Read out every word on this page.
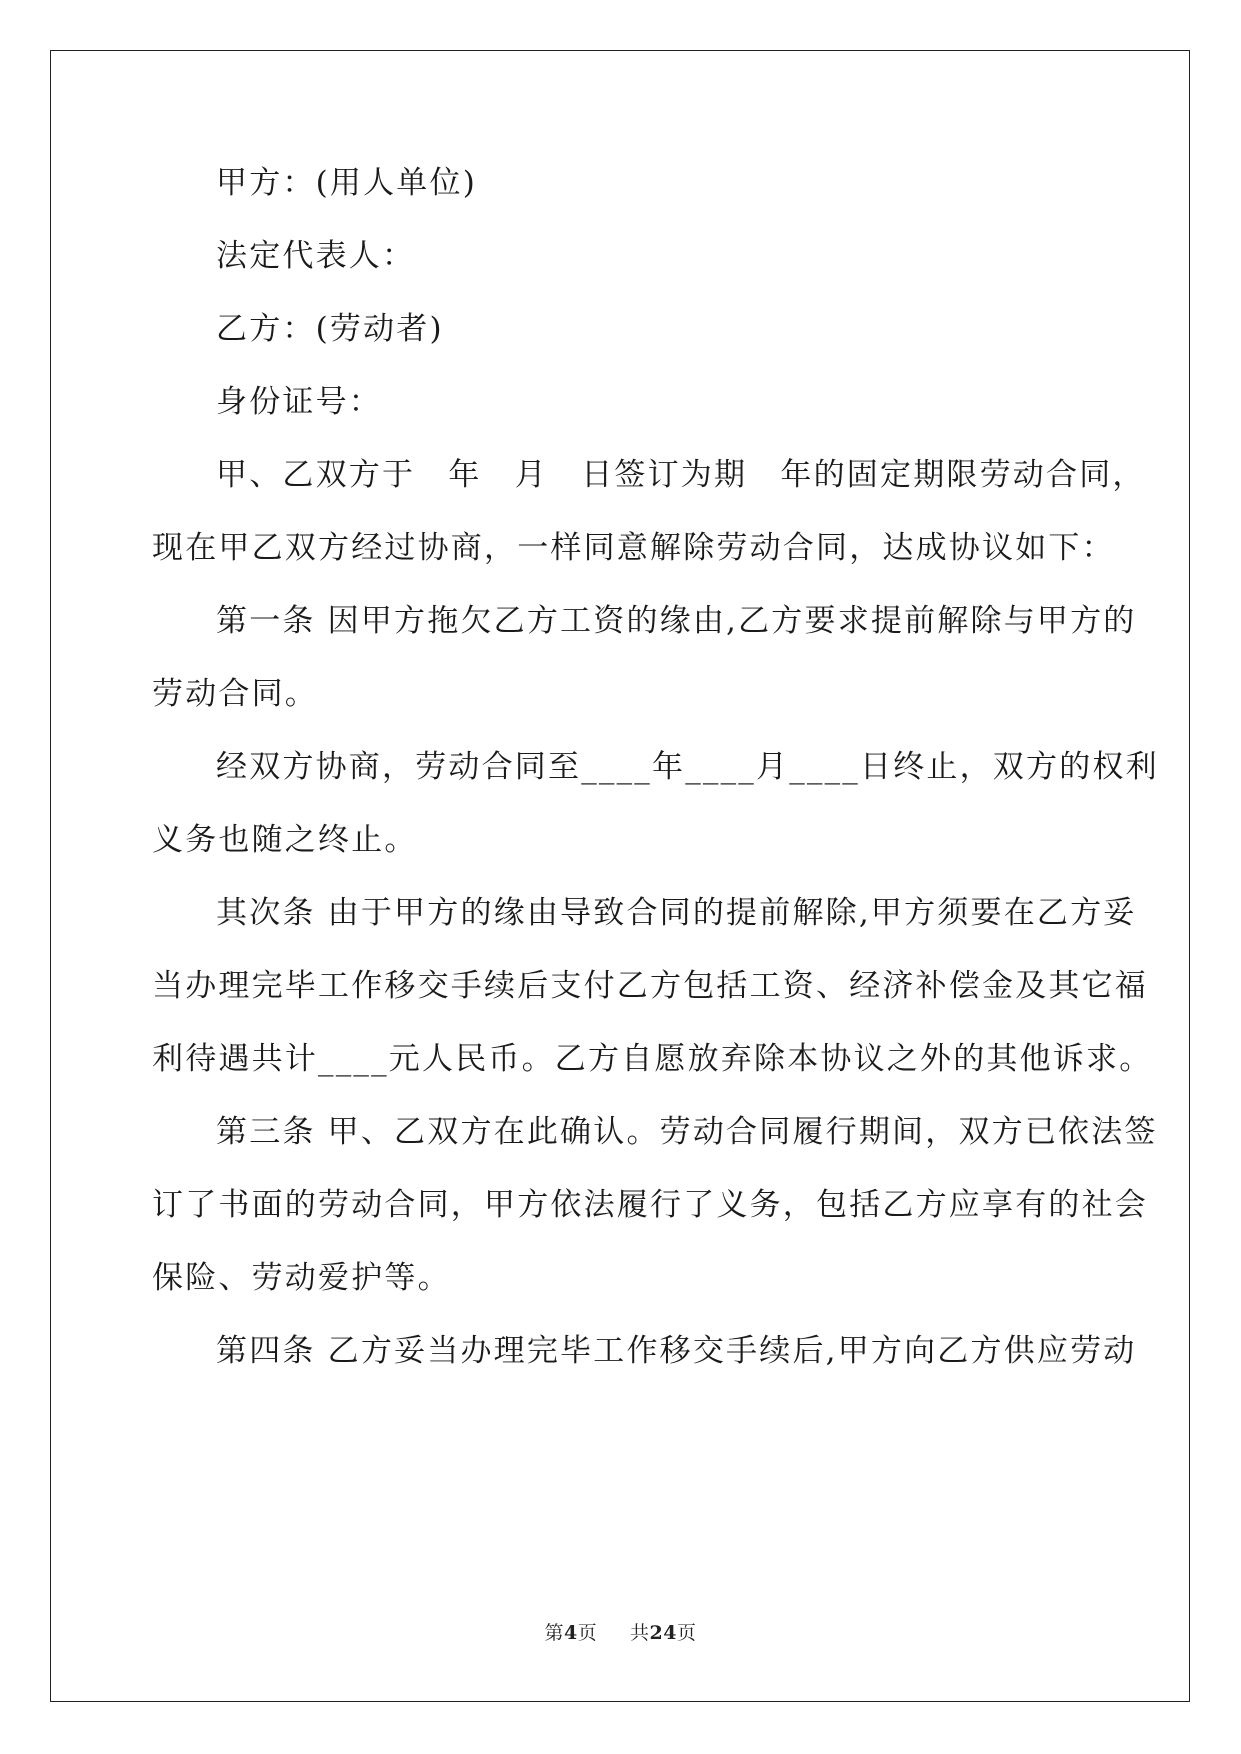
甲方：(用人单位)
法定代表人：
乙方：(劳动者)
身份证号：
甲、乙双方于　年　月　日签订为期　年的固定期限劳动合同，
现在甲乙双方经过协商，一样同意解除劳动合同，达成协议如下：
第一条 因甲方拖欠乙方工资的缘由,乙方要求提前解除与甲方的
劳动合同。
经双方协商，劳动合同至____年____月____日终止，双方的权利
义务也随之终止。
其次条 由于甲方的缘由导致合同的提前解除,甲方须要在乙方妥
当办理完毕工作移交手续后支付乙方包括工资、经济补偿金及其它福
利待遇共计____元人民币。乙方自愿放弃除本协议之外的其他诉求。
第三条 甲、乙双方在此确认。劳动合同履行期间，双方已依法签
订了书面的劳动合同，甲方依法履行了义务，包括乙方应享有的社会
保险、劳动爱护等。
第四条 乙方妥当办理完毕工作移交手续后,甲方向乙方供应劳动
第4页 共24页
